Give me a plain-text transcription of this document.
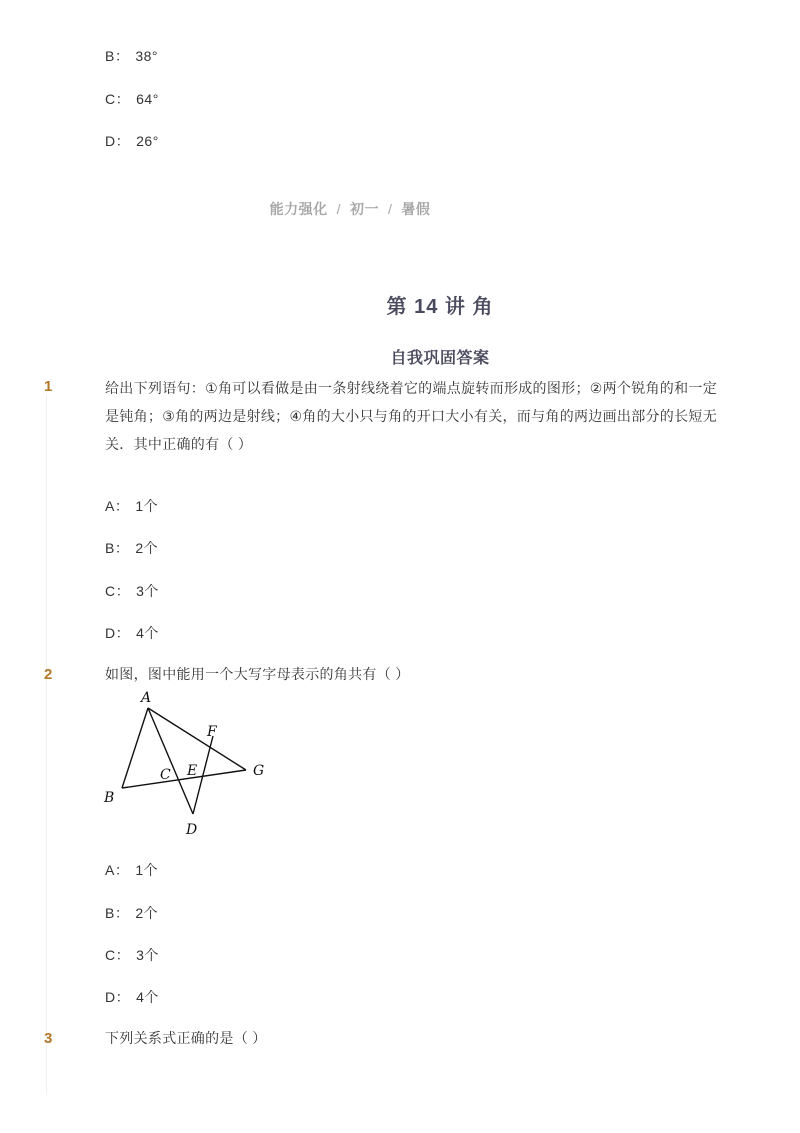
B： 38°
C： 64°
D： 26°
能力强化 / 初一 / 暑假
第 14 讲 角
自我巩固答案
1	给出下列语句：①角可以看做是由一条射线绕着它的端点旋转而形成的图形；②两个锐角的和一定是钝角；③角的两边是射线；④角的大小只与角的开口大小有关，而与角的两边画出部分的长短无关．其中正确的有（ ）
A： 1个
B： 2个
C： 3个
D： 4个
2	如图，图中能用一个大写字母表示的角共有（ ）
A
B
C
D
E
F
G
A： 1个
B： 2个
C： 3个
D： 4个
3	下列关系式正确的是（ ）
